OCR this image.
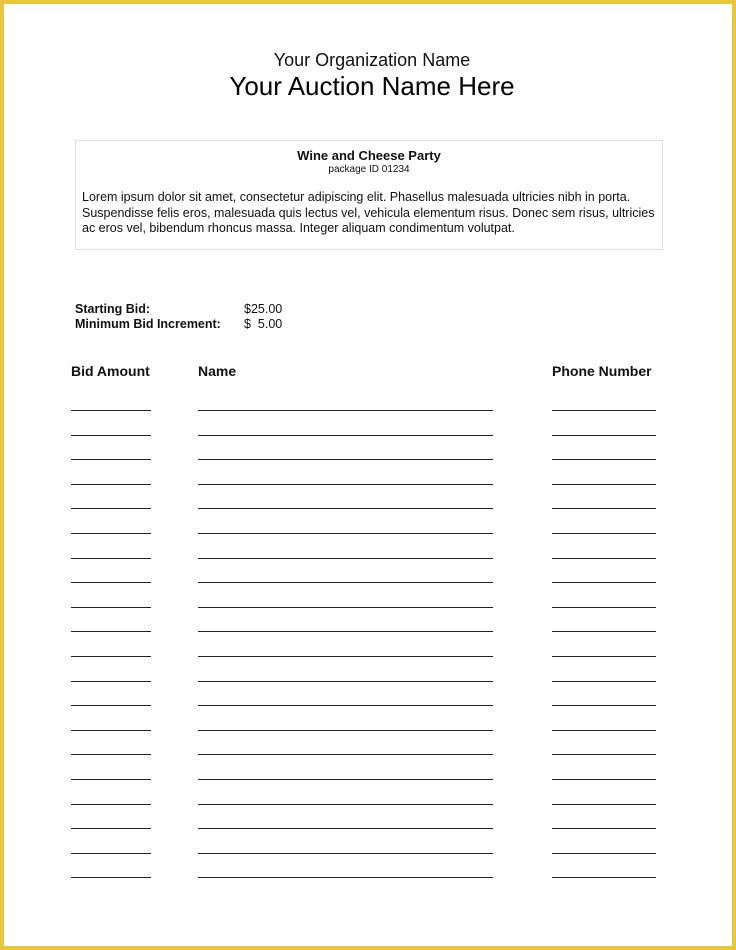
Your Organization Name
Your Auction Name Here
Wine and Cheese Party
package ID 01234
Lorem ipsum dolor sit amet, consectetur adipiscing elit. Phasellus malesuada ultricies nibh in porta. Suspendisse felis eros, malesuada quis lectus vel, vehicula elementum risus. Donec sem risus, ultricies ac eros vel, bibendum rhoncus massa. Integer aliquam condimentum volutpat.
Starting Bid:	$25.00
Minimum Bid Increment: $  5.00
Bid Amount	Name	Phone Number
